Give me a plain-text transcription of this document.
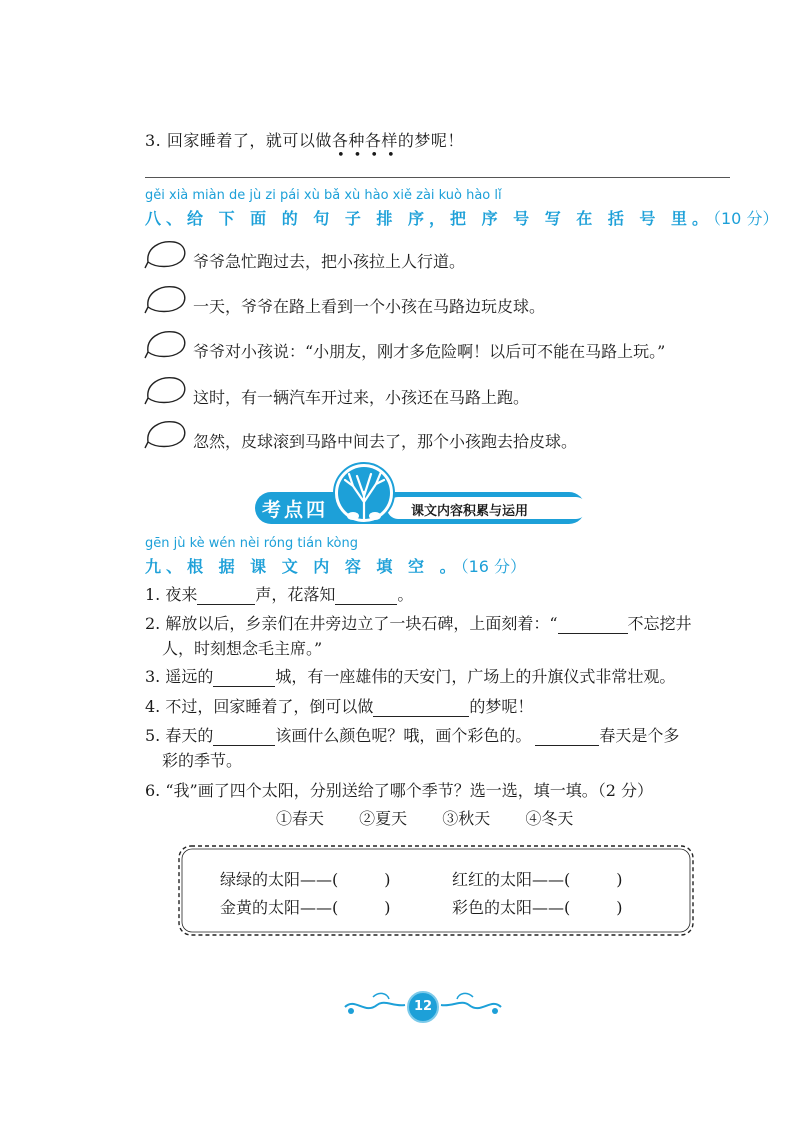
3. 回家睡着了，就可以做各种各样的梦呢！
••••
gěi xià miàn de jù zi pái xù bǎ xù hào xiě zài kuò hào lǐ
八、给 下 面 的 句 子 排 序，把 序 号 写 在 括 号 里。（10 分）
爷爷急忙跑过去，把小孩拉上人行道。
一天，爷爷在路上看到一个小孩在马路边玩皮球。
爷爷对小孩说：“小朋友，刚才多危险啊！以后可不能在马路上玩。”
这时，有一辆汽车开过来，小孩还在马路上跑。
忽然，皮球滚到马路中间去了，那个小孩跑去拾皮球。
考点四	课文内容积累与运用
gēn jù kè wén nèi róng tián kòng
九、根 据 课 文 内 容 填 空 。（16 分）
1. 夜来	声，花落知	。
2. 解放以后，乡亲们在井旁边立了一块石碑，上面刻着：“	不忘挖井
人，时刻想念毛主席。”
3. 遥远的	城，有一座雄伟的天安门，广场上的升旗仪式非常壮观。
4. 不过，回家睡着了，倒可以做	的梦呢！
5. 春天的	该画什么颜色呢？哦，画个彩色的。	春天是个多
彩的季节。
6. “我”画了四个太阳，分别送给了哪个季节？选一选，填一填。（2 分）
①春天 ②夏天 ③秋天 ④冬天
绿绿的太阳——(	)	红红的太阳——(	)
金黄的太阳——(	)	彩色的太阳——(	)
12
